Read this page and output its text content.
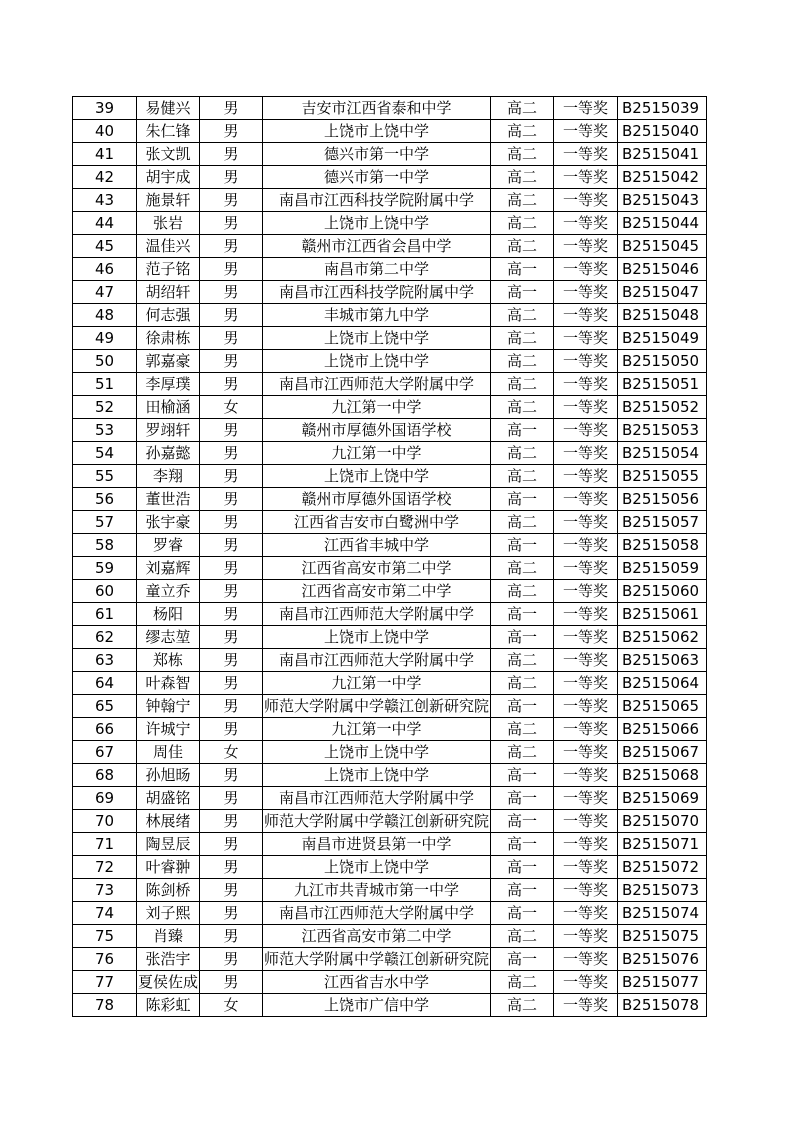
39	易健兴	男	吉安市江西省泰和中学	高二	一等奖	B2515039
40	朱仁锋	男	上饶市上饶中学	高二	一等奖	B2515040
41	张文凯	男	德兴市第一中学	高二	一等奖	B2515041
42	胡宇成	男	德兴市第一中学	高二	一等奖	B2515042
43	施景轩	男	南昌市江西科技学院附属中学	高二	一等奖	B2515043
44	张岩	男	上饶市上饶中学	高二	一等奖	B2515044
45	温佳兴	男	赣州市江西省会昌中学	高二	一等奖	B2515045
46	范子铭	男	南昌市第二中学	高一	一等奖	B2515046
47	胡绍轩	男	南昌市江西科技学院附属中学	高一	一等奖	B2515047
48	何志强	男	丰城市第九中学	高二	一等奖	B2515048
49	徐肃栋	男	上饶市上饶中学	高二	一等奖	B2515049
50	郭嘉豪	男	上饶市上饶中学	高二	一等奖	B2515050
51	李厚璞	男	南昌市江西师范大学附属中学	高二	一等奖	B2515051
52	田榆涵	女	九江第一中学	高二	一等奖	B2515052
53	罗翊轩	男	赣州市厚德外国语学校	高一	一等奖	B2515053
54	孙嘉懿	男	九江第一中学	高二	一等奖	B2515054
55	李翔	男	上饶市上饶中学	高二	一等奖	B2515055
56	董世浩	男	赣州市厚德外国语学校	高一	一等奖	B2515056
57	张宇豪	男	江西省吉安市白鹭洲中学	高二	一等奖	B2515057
58	罗睿	男	江西省丰城中学	高一	一等奖	B2515058
59	刘嘉辉	男	江西省高安市第二中学	高二	一等奖	B2515059
60	童立乔	男	江西省高安市第二中学	高二	一等奖	B2515060
61	杨阳	男	南昌市江西师范大学附属中学	高一	一等奖	B2515061
62	缪志堃	男	上饶市上饶中学	高一	一等奖	B2515062
63	郑栋	男	南昌市江西师范大学附属中学	高二	一等奖	B2515063
64	叶森智	男	九江第一中学	高二	一等奖	B2515064
65	钟翰宁	男	师范大学附属中学赣江创新研究院	高一	一等奖	B2515065
66	许城宁	男	九江第一中学	高二	一等奖	B2515066
67	周佳	女	上饶市上饶中学	高二	一等奖	B2515067
68	孙旭旸	男	上饶市上饶中学	高一	一等奖	B2515068
69	胡盛铭	男	南昌市江西师范大学附属中学	高一	一等奖	B2515069
70	林展绪	男	师范大学附属中学赣江创新研究院	高一	一等奖	B2515070
71	陶昱辰	男	南昌市进贤县第一中学	高一	一等奖	B2515071
72	叶睿翀	男	上饶市上饶中学	高一	一等奖	B2515072
73	陈剑桥	男	九江市共青城市第一中学	高一	一等奖	B2515073
74	刘子熙	男	南昌市江西师范大学附属中学	高一	一等奖	B2515074
75	肖臻	男	江西省高安市第二中学	高二	一等奖	B2515075
76	张浩宇	男	师范大学附属中学赣江创新研究院	高一	一等奖	B2515076
77	夏侯佐成	男	江西省吉水中学	高二	一等奖	B2515077
78	陈彩虹	女	上饶市广信中学	高二	一等奖	B2515078
